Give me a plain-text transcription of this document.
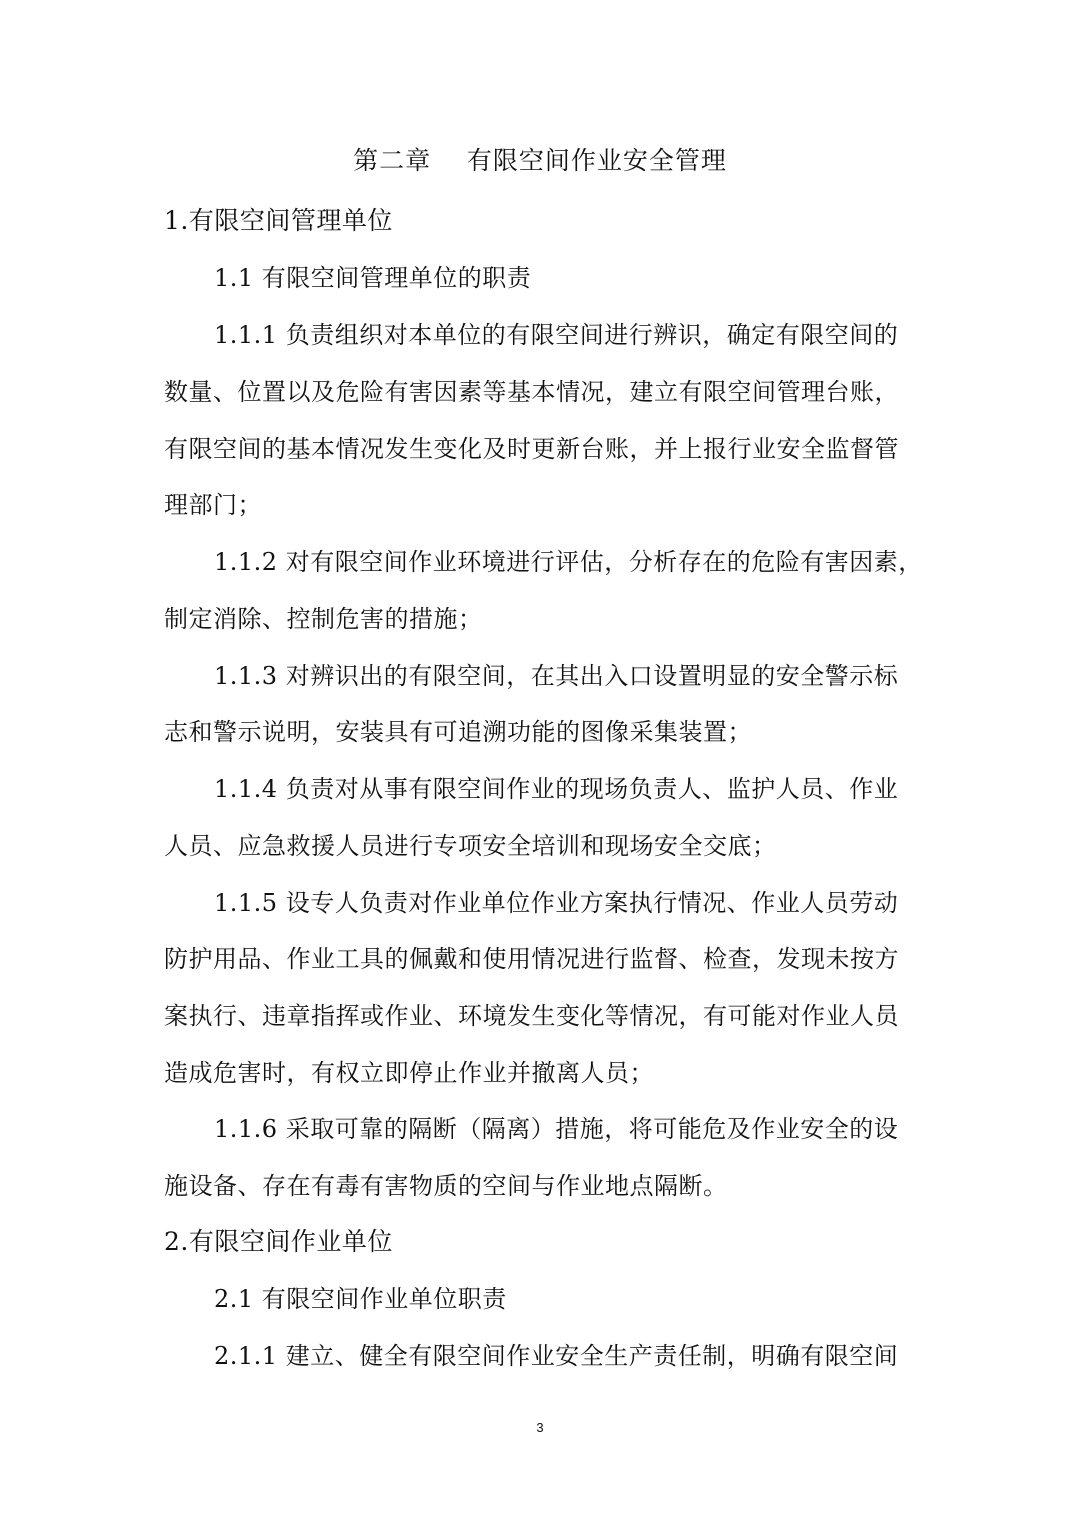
第二章    有限空间作业安全管理
1.有限空间管理单位
1.1 有限空间管理单位的职责
1.1.1 负责组织对本单位的有限空间进行辨识，确定有限空间的
数量、位置以及危险有害因素等基本情况，建立有限空间管理台账，
有限空间的基本情况发生变化及时更新台账，并上报行业安全监督管
理部门；
1.1.2 对有限空间作业环境进行评估，分析存在的危险有害因素，
制定消除、控制危害的措施；
1.1.3 对辨识出的有限空间，在其出入口设置明显的安全警示标
志和警示说明，安装具有可追溯功能的图像采集装置；
1.1.4 负责对从事有限空间作业的现场负责人、监护人员、作业
人员、应急救援人员进行专项安全培训和现场安全交底；
1.1.5 设专人负责对作业单位作业方案执行情况、作业人员劳动
防护用品、作业工具的佩戴和使用情况进行监督、检查，发现未按方
案执行、违章指挥或作业、环境发生变化等情况，有可能对作业人员
造成危害时，有权立即停止作业并撤离人员；
1.1.6 采取可靠的隔断（隔离）措施，将可能危及作业安全的设
施设备、存在有毒有害物质的空间与作业地点隔断。
2.有限空间作业单位
2.1 有限空间作业单位职责
2.1.1 建立、健全有限空间作业安全生产责任制，明确有限空间
3
